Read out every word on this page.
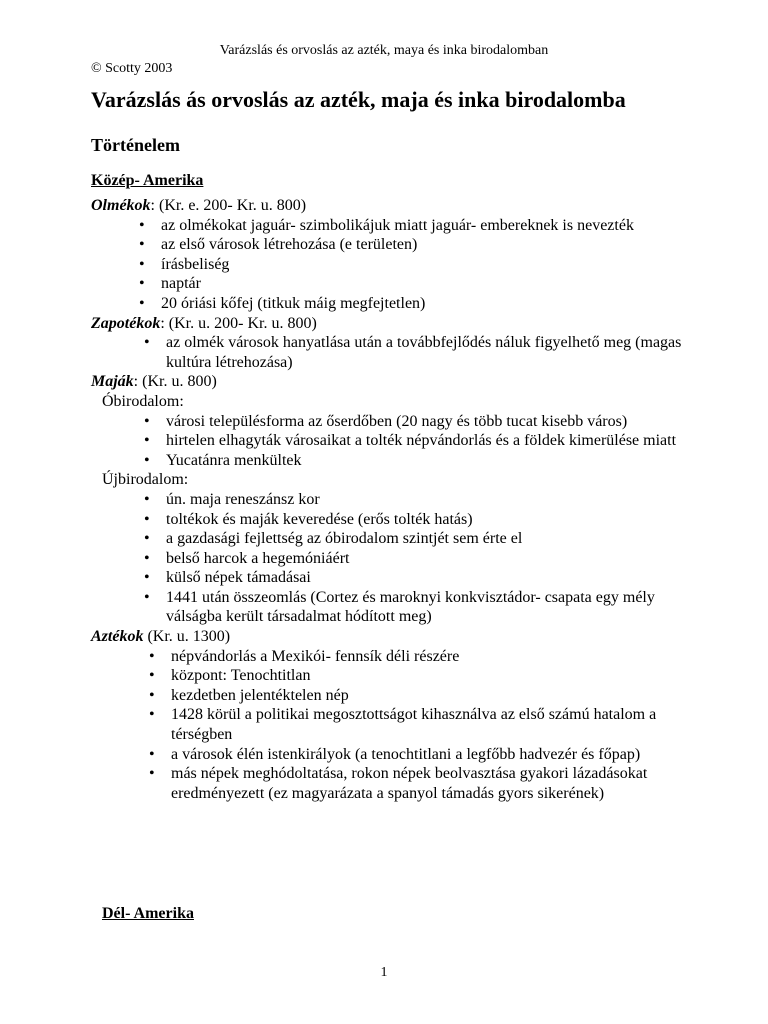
Varázslás és orvoslás az azték, maya és inka birodalomban
© Scotty 2003
Varázslás ás orvoslás az azték, maja és inka birodalomba
Történelem
Közép- Amerika

Olmékok: (Kr. e. 200- Kr. u. 800)

• az olmékokat jaguár- szimbolikájuk miatt jaguár- embereknek is nevezték
• az első városok létrehozása (e területen)
• írásbeliség
• naptár
• 20 óriási kőfej (titkuk máig megfejtetlen)

Zapotékok: (Kr. u. 200- Kr. u. 800)

• az olmék városok hanyatlása után a továbbfejlődés náluk figyelhető meg (magas kultúra létrehozása)

Maják: (Kr. u. 800)

Óbirodalom:

• városi településforma az őserdőben (20 nagy és több tucat kisebb város)
• hirtelen elhagyták városaikat a tolték népvándorlás és a földek kimerülése miatt
• Yucatánra menkültek

Újbirodalom:

• ún. maja reneszánsz kor
• toltékok és maják keveredése (erős tolték hatás)
• a gazdasági fejlettség az óbirodalom szintjét sem érte el
• belső harcok a hegemóniáért
• külső népek támadásai
• 1441 után összeomlás (Cortez és maroknyi konkvisztádor- csapata egy mély válságba került társadalmat hódított meg)

Aztékok (Kr. u. 1300)

• népvándorlás a Mexikói- fennsík déli részére
• központ: Tenochtitlan
• kezdetben jelentéktelen nép
• 1428 körül a politikai megosztottságot kihasználva az első számú hatalom a térségben
• a városok élén istenkirályok (a tenochtitlani a legfőbb hadvezér és főpap)
• más népek meghódoltatása, rokon népek beolvasztása gyakori lázadásokat eredményezett (ez magyarázata a spanyol támadás gyors sikerének)
Dél- Amerika
1
